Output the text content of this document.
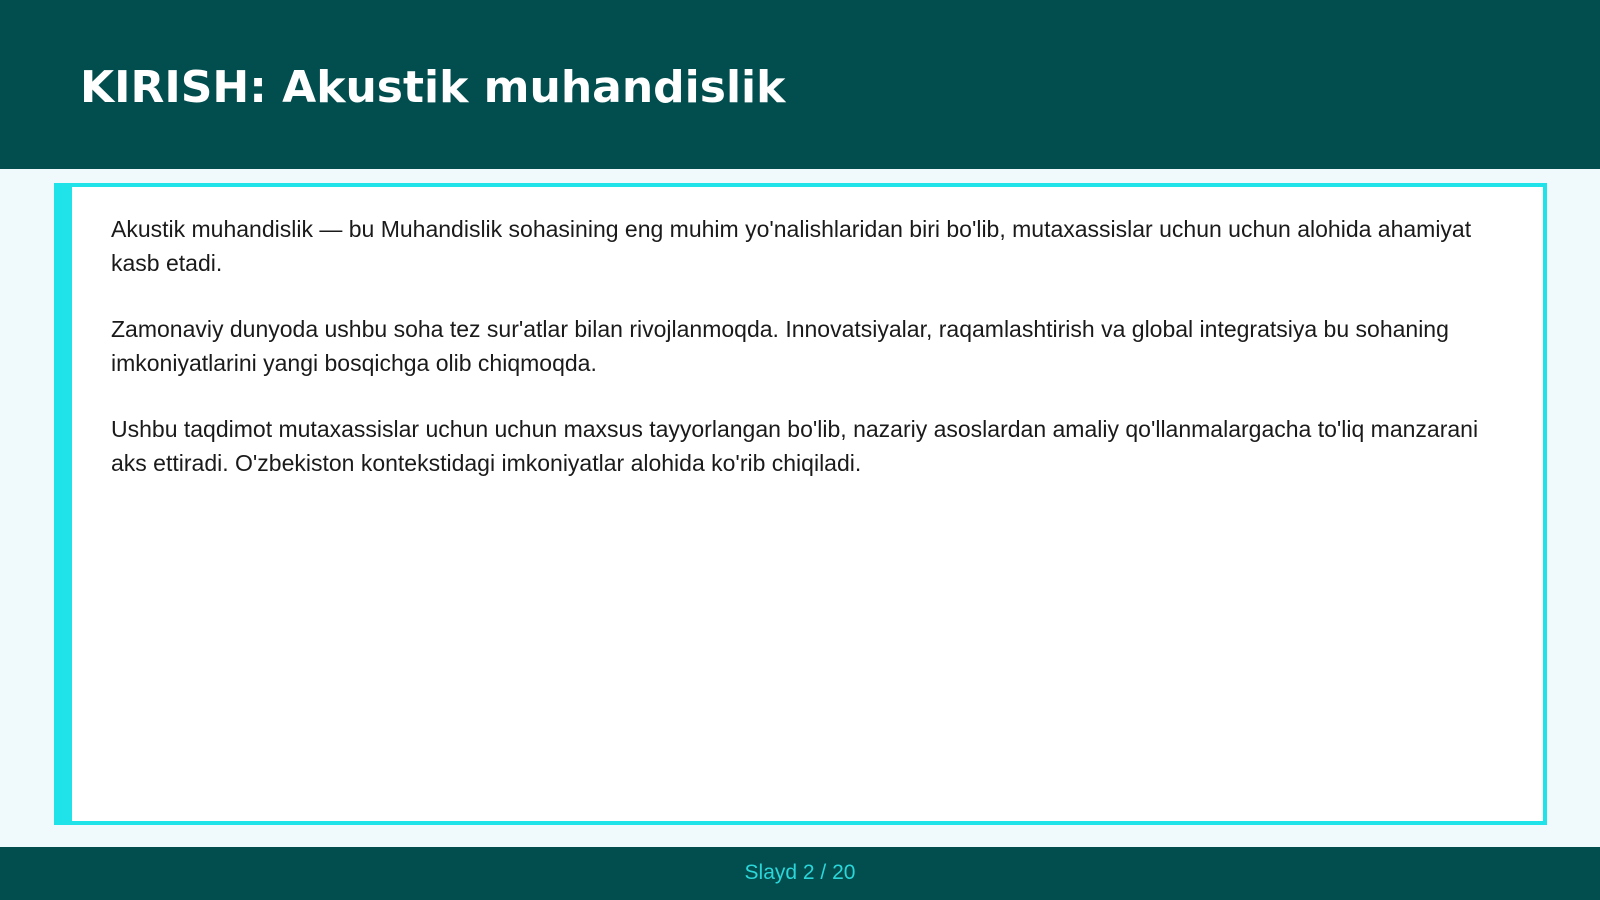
KIRISH: Akustik muhandislik

Akustik muhandislik — bu Muhandislik sohasining eng muhim yo'nalishlaridan biri bo'lib, mutaxassislar uchun uchun alohida ahamiyat kasb etadi.

Zamonaviy dunyoda ushbu soha tez sur'atlar bilan rivojlanmoqda. Innovatsiyalar, raqamlashtirish va global integratsiya bu sohaning imkoniyatlarini yangi bosqichga olib chiqmoqda.

Ushbu taqdimot mutaxassislar uchun uchun maxsus tayyorlangan bo'lib, nazariy asoslardan amaliy qo'llanmalargacha to'liq manzarani aks ettiradi. O'zbekiston kontekstidagi imkoniyatlar alohida ko'rib chiqiladi.

Slayd 2 / 20
